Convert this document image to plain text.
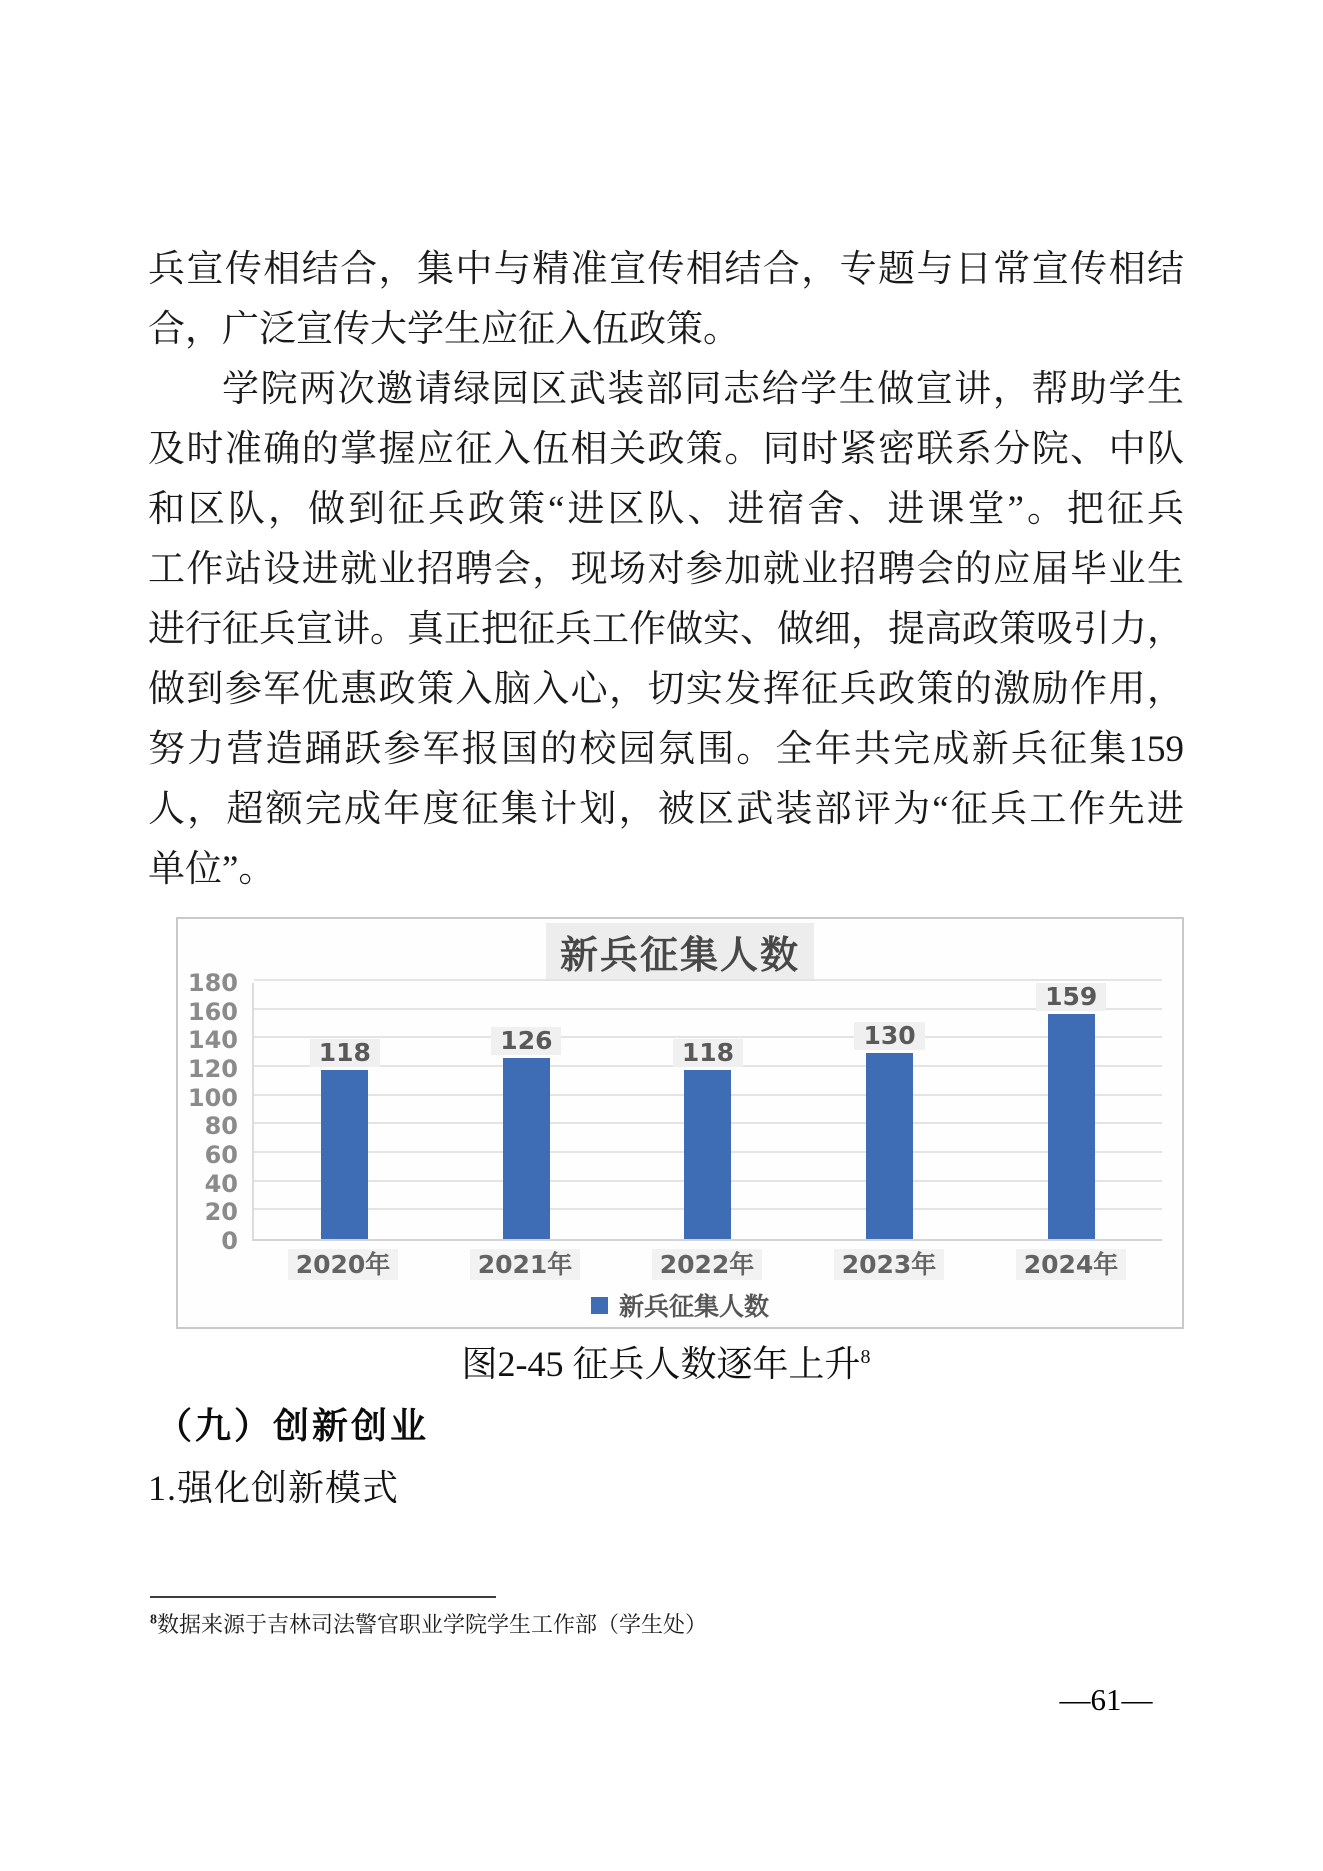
兵宣传相结合，集中与精准宣传相结合，专题与日常宣传相结
合，广泛宣传大学生应征入伍政策。
学院两次邀请绿园区武装部同志给学生做宣讲，帮助学生
及时准确的掌握应征入伍相关政策。同时紧密联系分院、中队
和区队，做到征兵政策“进区队、进宿舍、进课堂”。把征兵
工作站设进就业招聘会，现场对参加就业招聘会的应届毕业生
进行征兵宣讲。真正把征兵工作做实、做细，提高政策吸引力，
做到参军优惠政策入脑入心，切实发挥征兵政策的激励作用，
努力营造踊跃参军报国的校园氛围。全年共完成新兵征集159
人，超额完成年度征集计划，被区武装部评为“征兵工作先进
单位”。
新兵征集人数
0
20
40
60
80
100
120
140
160
180
118	126	118
130
159
2020年	2021年	2022年	2023年	2024年
新兵征集人数
图2-45 征兵人数逐年上升$^8$
（九）创新创业
1.强化创新模式
$^8$数据来源于吉林司法警官职业学院学生工作部（学生处）
—61—
